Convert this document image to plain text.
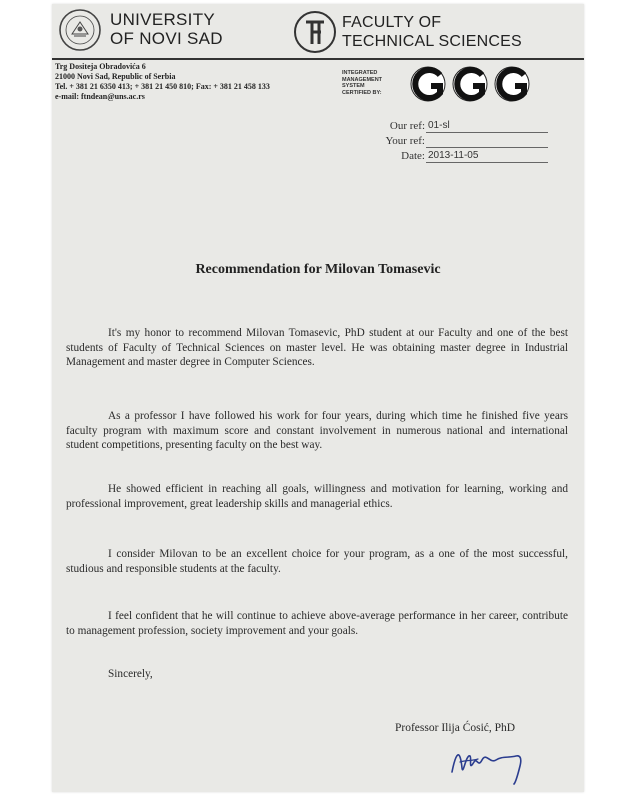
UNIVERSITY
OF NOVI SAD
FACULTY OF
TECHNICAL SCIENCES
Trg Dositeja Obradovića 6
21000 Novi Sad, Republic of Serbia
Tel. + 381 21 6350 413; + 381 21 450 810; Fax: + 381 21 458 133
e-mail: ftndean@uns.ac.rs
INTEGRATED
MANAGEMENT
SYSTEM
CERTIFIED BY:
Our ref: 01-sl
Your ref:
Date: 2013-11-05
Recommendation for Milovan Tomasevic
It's my honor to recommend Milovan Tomasevic, PhD student at our Faculty and one of the best students of Faculty of Technical Sciences on master level. He was obtaining master degree in Industrial Management and master degree in Computer Sciences.
As a professor I have followed his work for four years, during which time he finished five years faculty program with maximum score and constant involvement in numerous national and international student competitions, presenting faculty on the best way.
He showed efficient in reaching all goals, willingness and motivation for learning, working and professional improvement, great leadership skills and managerial ethics.
I consider Milovan to be an excellent choice for your program, as a one of the most successful, studious and responsible students at the faculty.
I feel confident that he will continue to achieve above-average performance in her career, contribute to management profession, society improvement and your goals.
Sincerely,
Professor Ilija Ćosić, PhD
